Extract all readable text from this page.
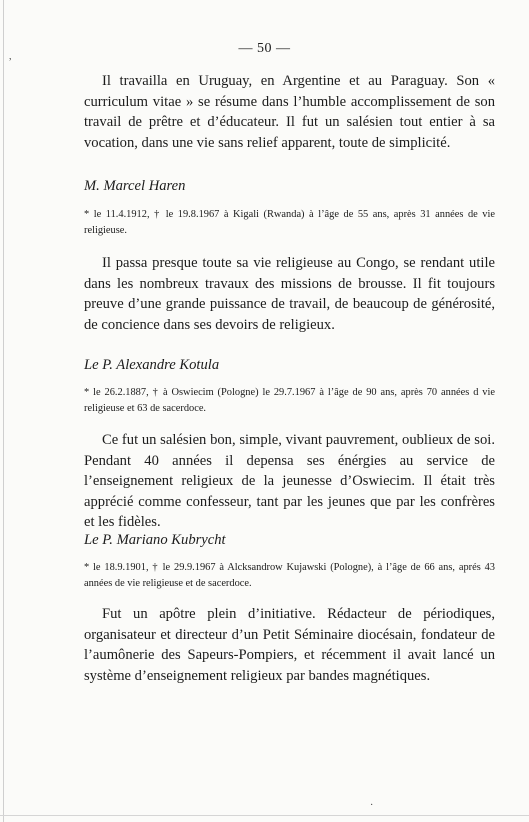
,
·
— 50 —

Il travailla en Uruguay, en Argentine et au Paraguay. Son « curriculum vitae » se résume dans l’humble accomplissement de son travail de prêtre et d’éducateur. Il fut un salésien tout entier à sa vocation, dans une vie sans relief apparent, toute de simplicité.

M. Marcel Haren

* le 11.4.1912, † le 19.8.1967 à Kigali (Rwanda) à l’âge de 55 ans, après 31 années de vie religieuse.

Il passa presque toute sa vie religieuse au Congo, se rendant utile dans les nombreux travaux des missions de brousse. Il fit toujours preuve d’une grande puissance de travail, de beaucoup de générosité, de concience dans ses devoirs de religieux.

Le P. Alexandre Kotula

* le 26.2.1887, † à Oswiecim (Pologne) le 29.7.1967 à l’âge de 90 ans, après 70 années d vie religieuse et 63 de sacerdoce.

Ce fut un salésien bon, simple, vivant pauvrement, oublieux de soi. Pendant 40 années il depensa ses énérgies au service de l’enseignement religieux de la jeunesse d’Oswiecim. Il était très apprécié comme confesseur, tant par les jeunes que par les confrères et les fidèles.

Le P. Mariano Kubrycht

* le 18.9.1901, † le 29.9.1967 à Alcksandrow Kujawski (Pologne), à l’âge de 66 ans, aprés 43 années de vie religieuse et de sacerdoce.

Fut un apôtre plein d’initiative. Rédacteur de périodiques, organisateur et directeur d’un Petit Séminaire diocésain, fondateur de l’aumônerie des Sapeurs-Pompiers, et récemment il avait lancé un système d’enseignement religieux par bandes magnétiques.
